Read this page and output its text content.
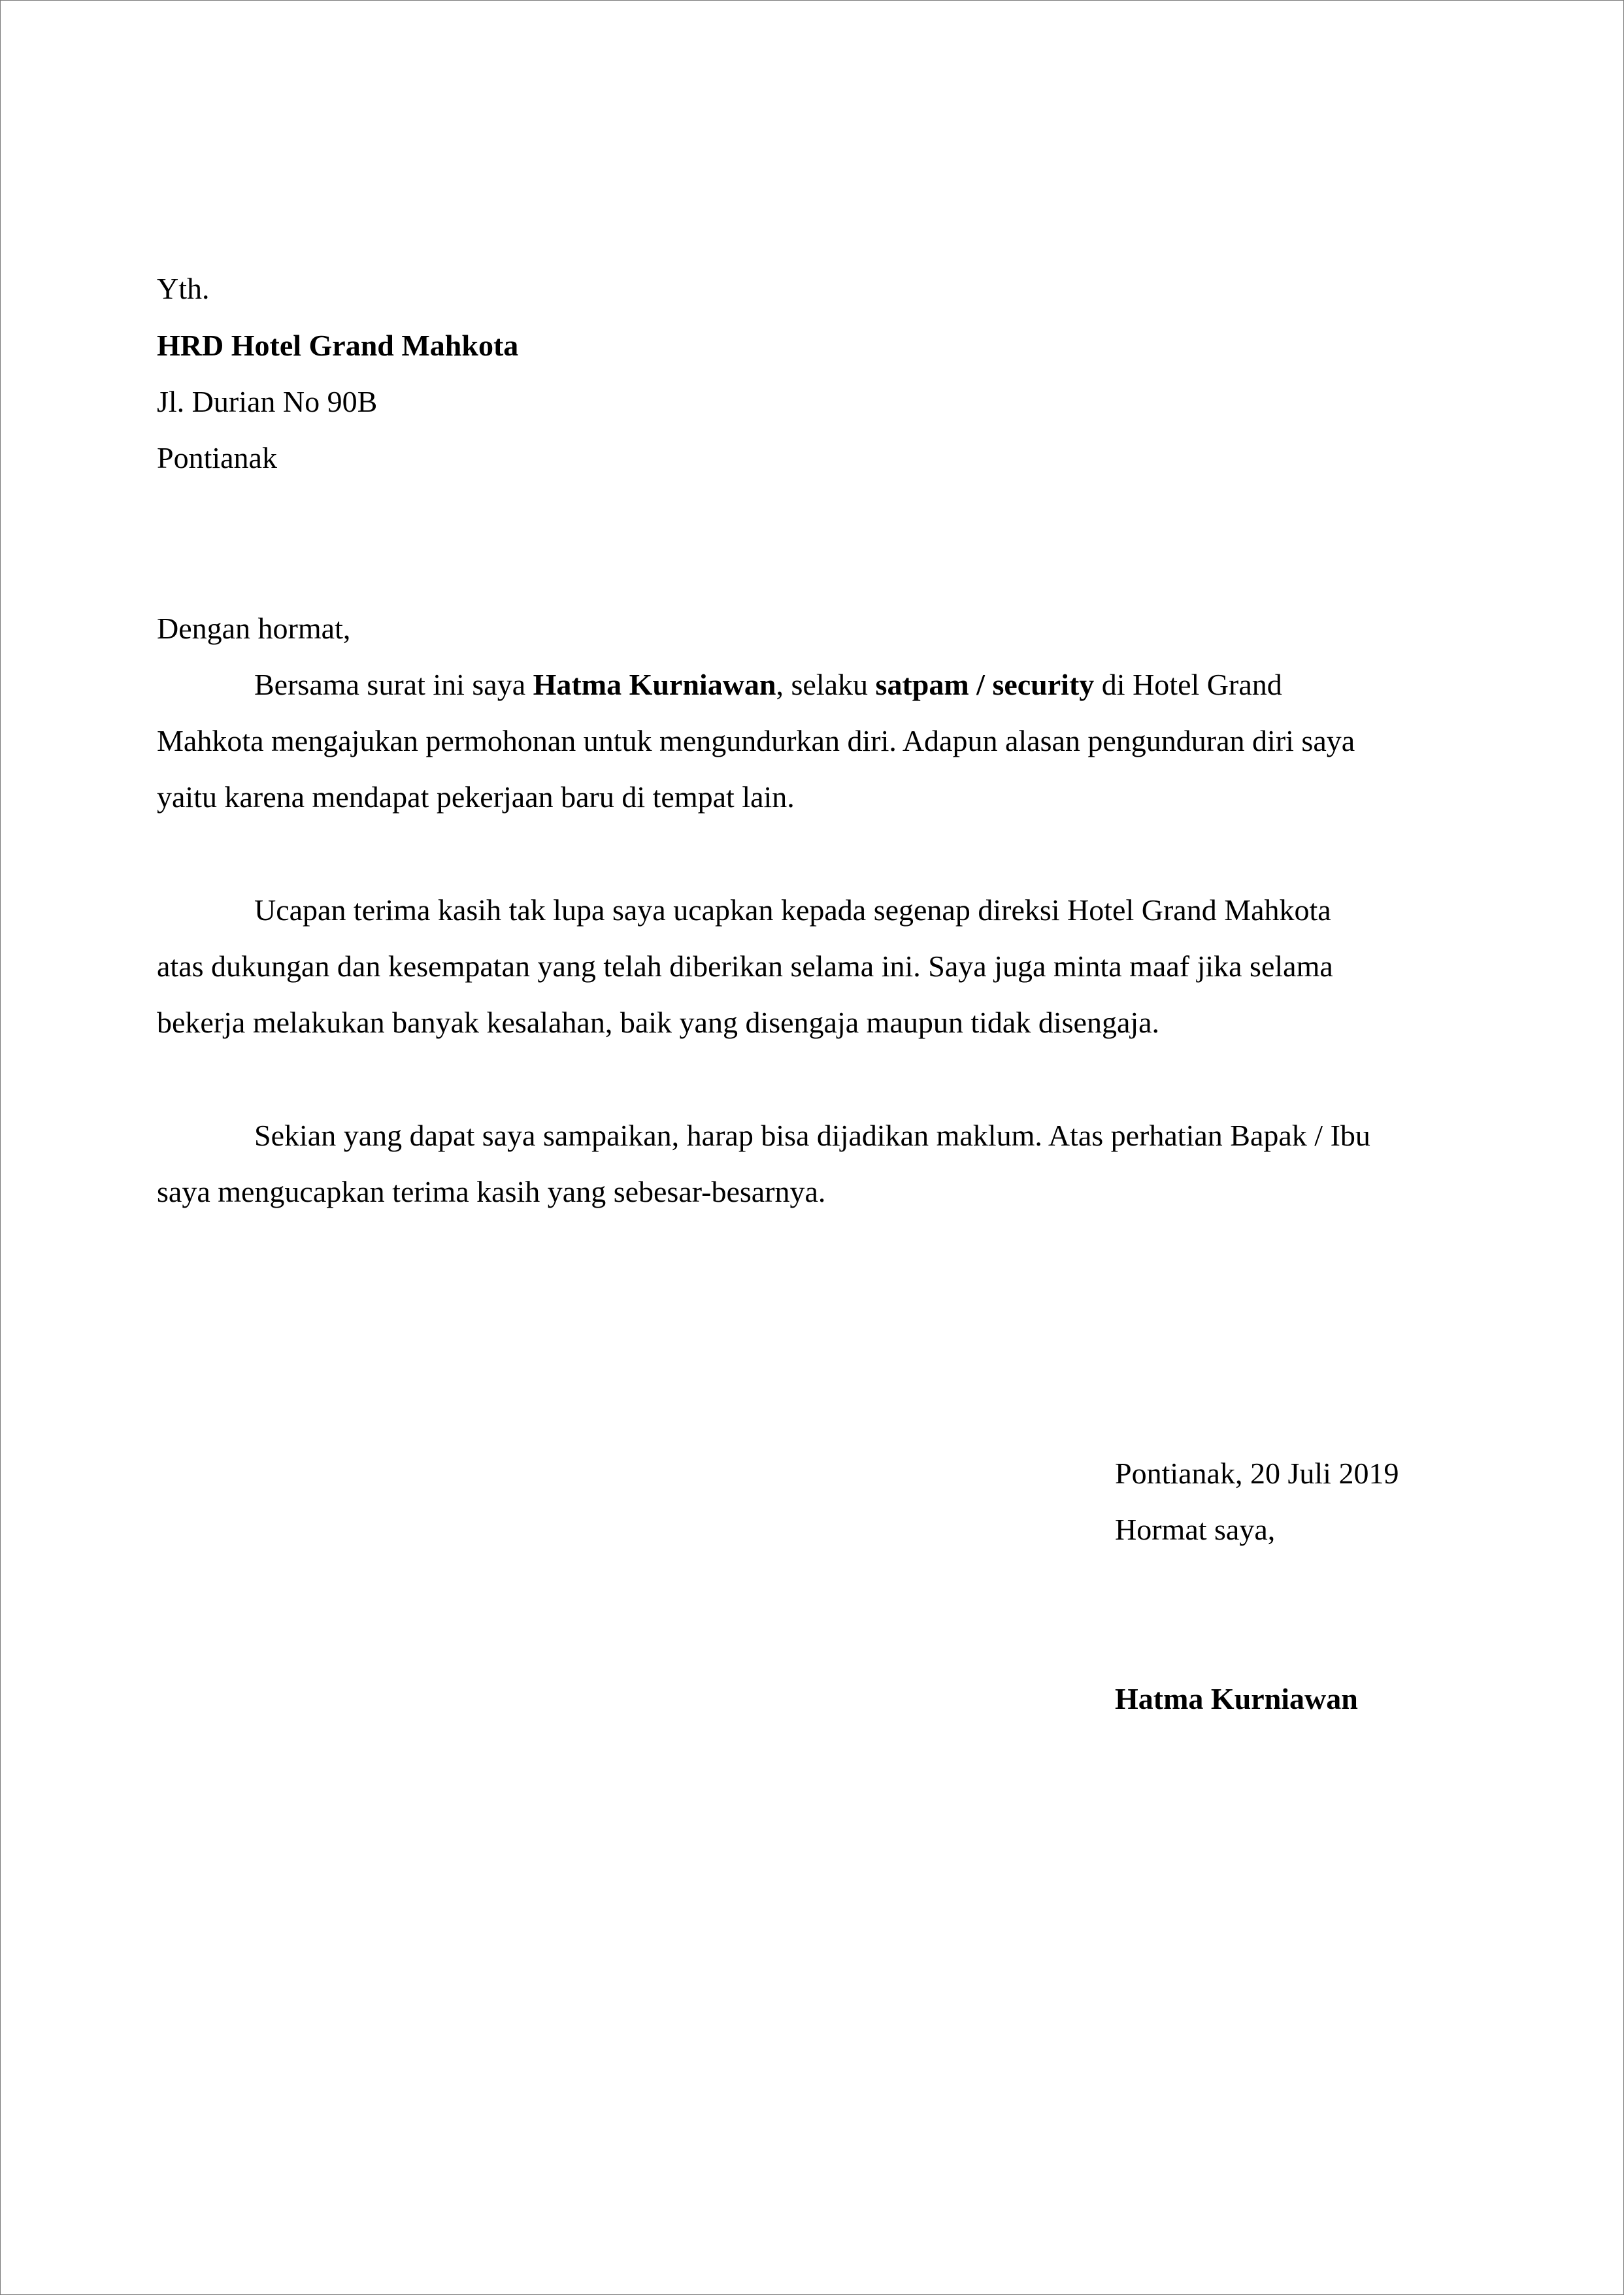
Yth.
HRD Hotel Grand Mahkota
Jl. Durian No 90B
Pontianak
Dengan hormat,
Bersama surat ini saya Hatma Kurniawan, selaku satpam / security di Hotel Grand
Mahkota mengajukan permohonan untuk mengundurkan diri. Adapun alasan pengunduran diri saya
yaitu karena mendapat pekerjaan baru di tempat lain.
Ucapan terima kasih tak lupa saya ucapkan kepada segenap direksi Hotel Grand Mahkota
atas dukungan dan kesempatan yang telah diberikan selama ini. Saya juga minta maaf jika selama
bekerja melakukan banyak kesalahan, baik yang disengaja maupun tidak disengaja.
Sekian yang dapat saya sampaikan, harap bisa dijadikan maklum. Atas perhatian Bapak / Ibu
saya mengucapkan terima kasih yang sebesar-besarnya.
Pontianak, 20 Juli 2019
Hormat saya,
Hatma Kurniawan
